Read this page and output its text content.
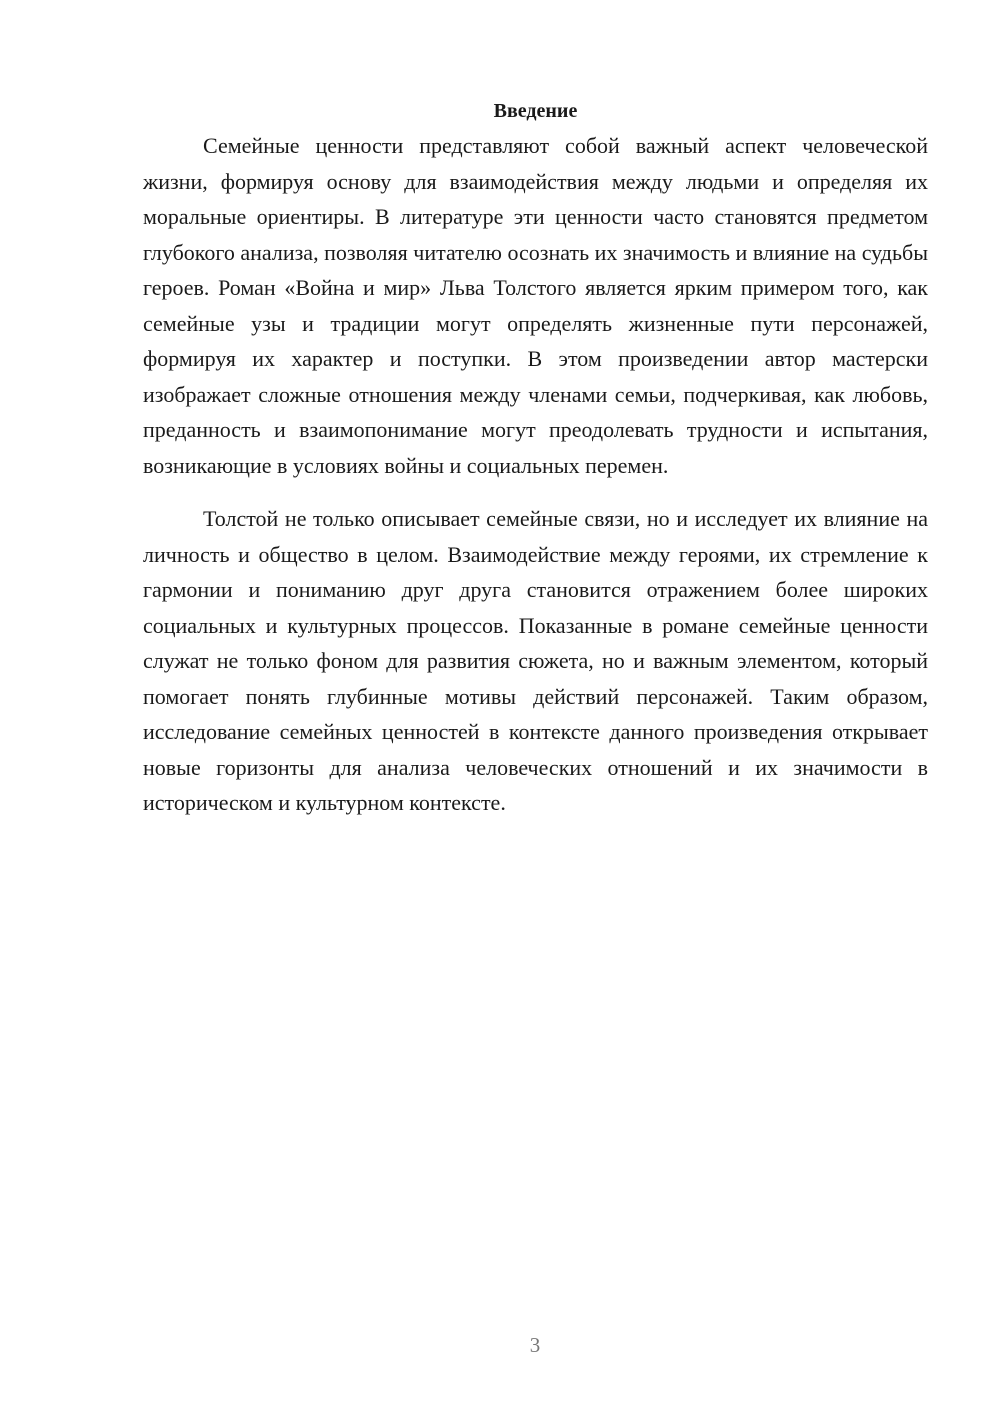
Введение

Семейные ценности представляют собой важный аспект человеческой жизни, формируя основу для взаимодействия между людьми и определяя их моральные ориентиры. В литературе эти ценности часто становятся предметом глубокого анализа, позволяя читателю осознать их значимость и влияние на судьбы героев. Роман «Война и мир» Льва Толстого является ярким примером того, как семейные узы и традиции могут определять жизненные пути персонажей, формируя их характер и поступки. В этом произведении автор мастерски изображает сложные отношения между членами семьи, подчеркивая, как любовь, преданность и взаимопонимание могут преодолевать трудности и испытания, возникающие в условиях войны и социальных перемен.

Толстой не только описывает семейные связи, но и исследует их влияние на личность и общество в целом. Взаимодействие между героями, их стремление к гармонии и пониманию друг друга становится отражением более широких социальных и культурных процессов. Показанные в романе семейные ценности служат не только фоном для развития сюжета, но и важным элементом, который помогает понять глубинные мотивы действий персонажей. Таким образом, исследование семейных ценностей в контексте данного произведения открывает новые горизонты для анализа человеческих отношений и их значимости в историческом и культурном контексте.

3
